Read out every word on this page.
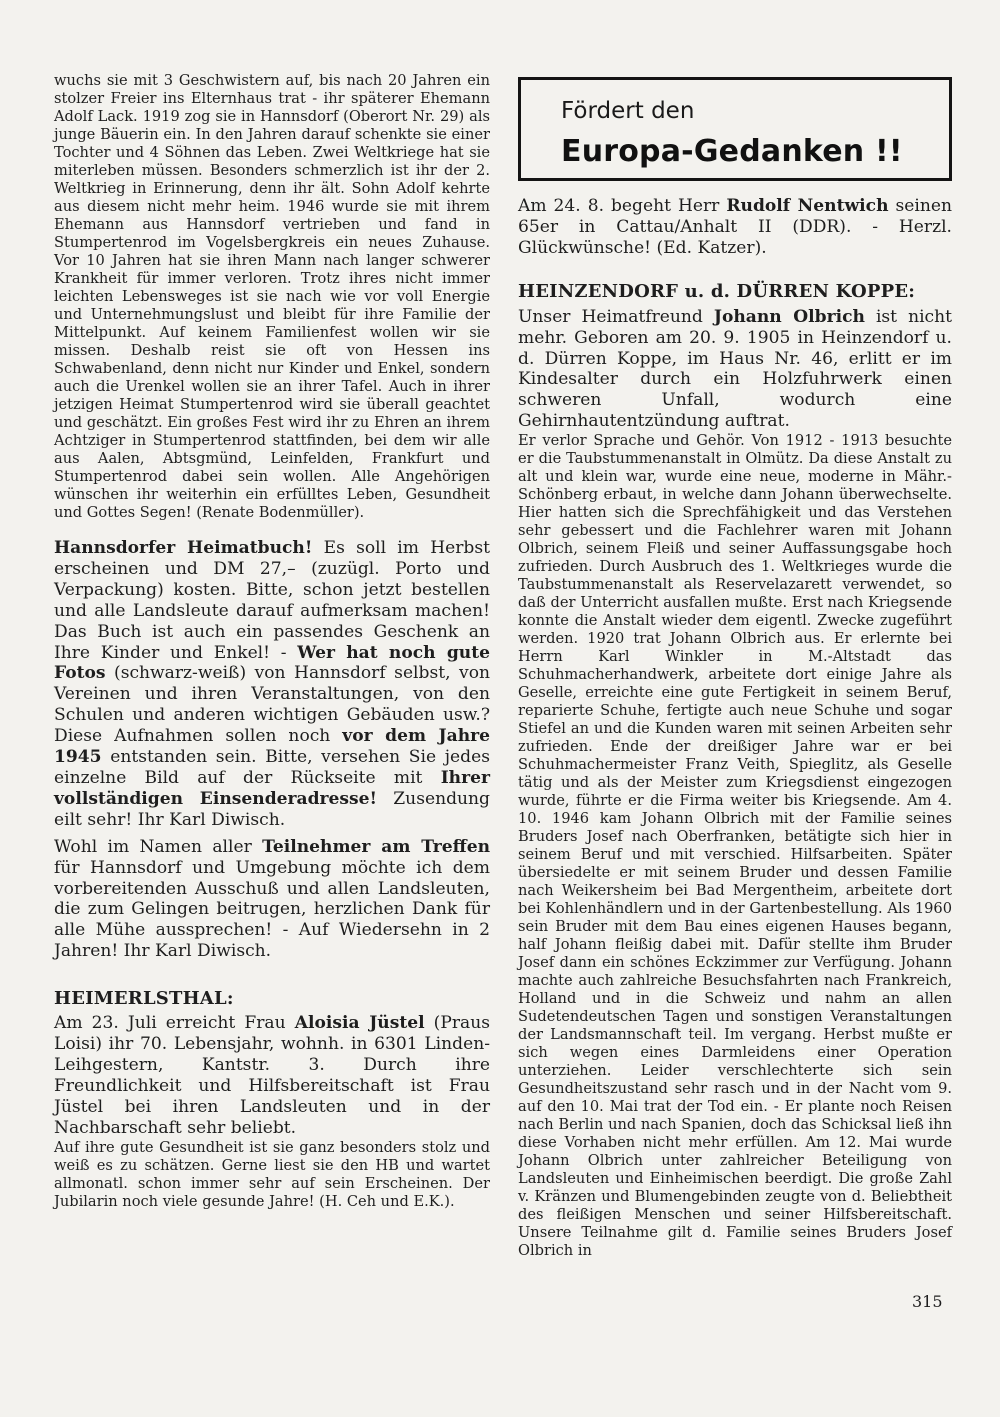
wuchs sie mit 3 Geschwistern auf, bis nach 20 Jahren ein stolzer Freier ins Elternhaus trat - ihr späterer Ehemann Adolf Lack. 1919 zog sie in Hannsdorf (Oberort Nr. 29) als junge Bäuerin ein. In den Jahren darauf schenkte sie einer Tochter und 4 Söhnen das Leben. Zwei Weltkriege hat sie miterleben müssen. Besonders schmerzlich ist ihr der 2. Weltkrieg in Erinnerung, denn ihr ält. Sohn Adolf kehrte aus diesem nicht mehr heim. 1946 wurde sie mit ihrem Ehemann aus Hannsdorf vertrieben und fand in Stumpertenrod im Vogelsbergkreis ein neues Zuhause. Vor 10 Jahren hat sie ihren Mann nach langer schwerer Krankheit für immer verloren. Trotz ihres nicht immer leichten Lebensweges ist sie nach wie vor voll Energie und Unternehmungslust und bleibt für ihre Familie der Mittelpunkt. Auf keinem Familienfest wollen wir sie missen. Deshalb reist sie oft von Hessen ins Schwabenland, denn nicht nur Kinder und Enkel, sondern auch die Urenkel wollen sie an ihrer Tafel. Auch in ihrer jetzigen Heimat Stumpertenrod wird sie überall geachtet und geschätzt. Ein großes Fest wird ihr zu Ehren an ihrem Achtziger in Stumpertenrod stattfinden, bei dem wir alle aus Aalen, Abtsgmünd, Leinfelden, Frankfurt und Stumpertenrod dabei sein wollen. Alle Angehörigen wünschen ihr weiterhin ein erfülltes Leben, Gesundheit und Gottes Segen! (Renate Bodenmüller).

Hannsdorfer Heimatbuch! Es soll im Herbst erscheinen und DM 27,– (zuzügl. Porto und Verpackung) kosten. Bitte, schon jetzt bestellen und alle Landsleute darauf aufmerksam machen! Das Buch ist auch ein passendes Geschenk an Ihre Kinder und Enkel! - Wer hat noch gute Fotos (schwarz-weiß) von Hannsdorf selbst, von Vereinen und ihren Veranstaltungen, von den Schulen und anderen wichtigen Gebäuden usw.? Diese Aufnahmen sollen noch vor dem Jahre 1945 entstanden sein. Bitte, versehen Sie jedes einzelne Bild auf der Rückseite mit Ihrer vollständigen Einsenderadresse! Zusendung eilt sehr! Ihr Karl Diwisch.

Wohl im Namen aller Teilnehmer am Treffen für Hannsdorf und Umgebung möchte ich dem vorbereitenden Ausschuß und allen Landsleuten, die zum Gelingen beitrugen, herzlichen Dank für alle Mühe aussprechen! - Auf Wiedersehn in 2 Jahren! Ihr Karl Diwisch.

HEIMERLSTHAL:

Am 23. Juli erreicht Frau Aloisia Jüstel (Praus Loisi) ihr 70. Lebensjahr, wohnh. in 6301 Linden-Leihgestern, Kantstr. 3. Durch ihre Freundlichkeit und Hilfsbereitschaft ist Frau Jüstel bei ihren Landsleuten und in der Nachbarschaft sehr beliebt.

Auf ihre gute Gesundheit ist sie ganz besonders stolz und weiß es zu schätzen. Gerne liest sie den HB und wartet allmonatl. schon immer sehr auf sein Erscheinen. Der Jubilarin noch viele gesunde Jahre! (H. Ceh und E.K.).

Fördert den
Europa-Gedanken !!

Am 24. 8. begeht Herr Rudolf Nentwich seinen 65er in Cattau/Anhalt II (DDR). - Herzl. Glückwünsche! (Ed. Katzer).

HEINZENDORF u. d. DÜRREN KOPPE:

Unser Heimatfreund Johann Olbrich ist nicht mehr. Geboren am 20. 9. 1905 in Heinzendorf u. d. Dürren Koppe, im Haus Nr. 46, erlitt er im Kindesalter durch ein Holzfuhrwerk einen schweren Unfall, wodurch eine Gehirnhautentzündung auftrat.

Er verlor Sprache und Gehör. Von 1912 - 1913 besuchte er die Taubstummenanstalt in Olmütz. Da diese Anstalt zu alt und klein war, wurde eine neue, moderne in Mähr.-Schönberg erbaut, in welche dann Johann überwechselte. Hier hatten sich die Sprechfähigkeit und das Verstehen sehr gebessert und die Fachlehrer waren mit Johann Olbrich, seinem Fleiß und seiner Auffassungsgabe hoch zufrieden. Durch Ausbruch des 1. Weltkrieges wurde die Taubstummenanstalt als Reservelazarett verwendet, so daß der Unterricht ausfallen mußte. Erst nach Kriegsende konnte die Anstalt wieder dem eigentl. Zwecke zugeführt werden. 1920 trat Johann Olbrich aus. Er erlernte bei Herrn Karl Winkler in M.-Altstadt das Schuhmacherhandwerk, arbeitete dort einige Jahre als Geselle, erreichte eine gute Fertigkeit in seinem Beruf, reparierte Schuhe, fertigte auch neue Schuhe und sogar Stiefel an und die Kunden waren mit seinen Arbeiten sehr zufrieden. Ende der dreißiger Jahre war er bei Schuhmachermeister Franz Veith, Spieglitz, als Geselle tätig und als der Meister zum Kriegsdienst eingezogen wurde, führte er die Firma weiter bis Kriegsende. Am 4. 10. 1946 kam Johann Olbrich mit der Familie seines Bruders Josef nach Oberfranken, betätigte sich hier in seinem Beruf und mit verschied. Hilfsarbeiten. Später übersiedelte er mit seinem Bruder und dessen Familie nach Weikersheim bei Bad Mergentheim, arbeitete dort bei Kohlenhändlern und in der Gartenbestellung. Als 1960 sein Bruder mit dem Bau eines eigenen Hauses begann, half Johann fleißig dabei mit. Dafür stellte ihm Bruder Josef dann ein schönes Eckzimmer zur Verfügung. Johann machte auch zahlreiche Besuchsfahrten nach Frankreich, Holland und in die Schweiz und nahm an allen Sudetendeutschen Tagen und sonstigen Veranstaltungen der Landsmannschaft teil. Im vergang. Herbst mußte er sich wegen eines Darmleidens einer Operation unterziehen. Leider verschlechterte sich sein Gesundheitszustand sehr rasch und in der Nacht vom 9. auf den 10. Mai trat der Tod ein. - Er plante noch Reisen nach Berlin und nach Spanien, doch das Schicksal ließ ihn diese Vorhaben nicht mehr erfüllen. Am 12. Mai wurde Johann Olbrich unter zahlreicher Beteiligung von Landsleuten und Einheimischen beerdigt. Die große Zahl v. Kränzen und Blumengebinden zeugte von d. Beliebtheit des fleißigen Menschen und seiner Hilfsbereitschaft. Unsere Teilnahme gilt d. Familie seines Bruders Josef Olbrich in

315
